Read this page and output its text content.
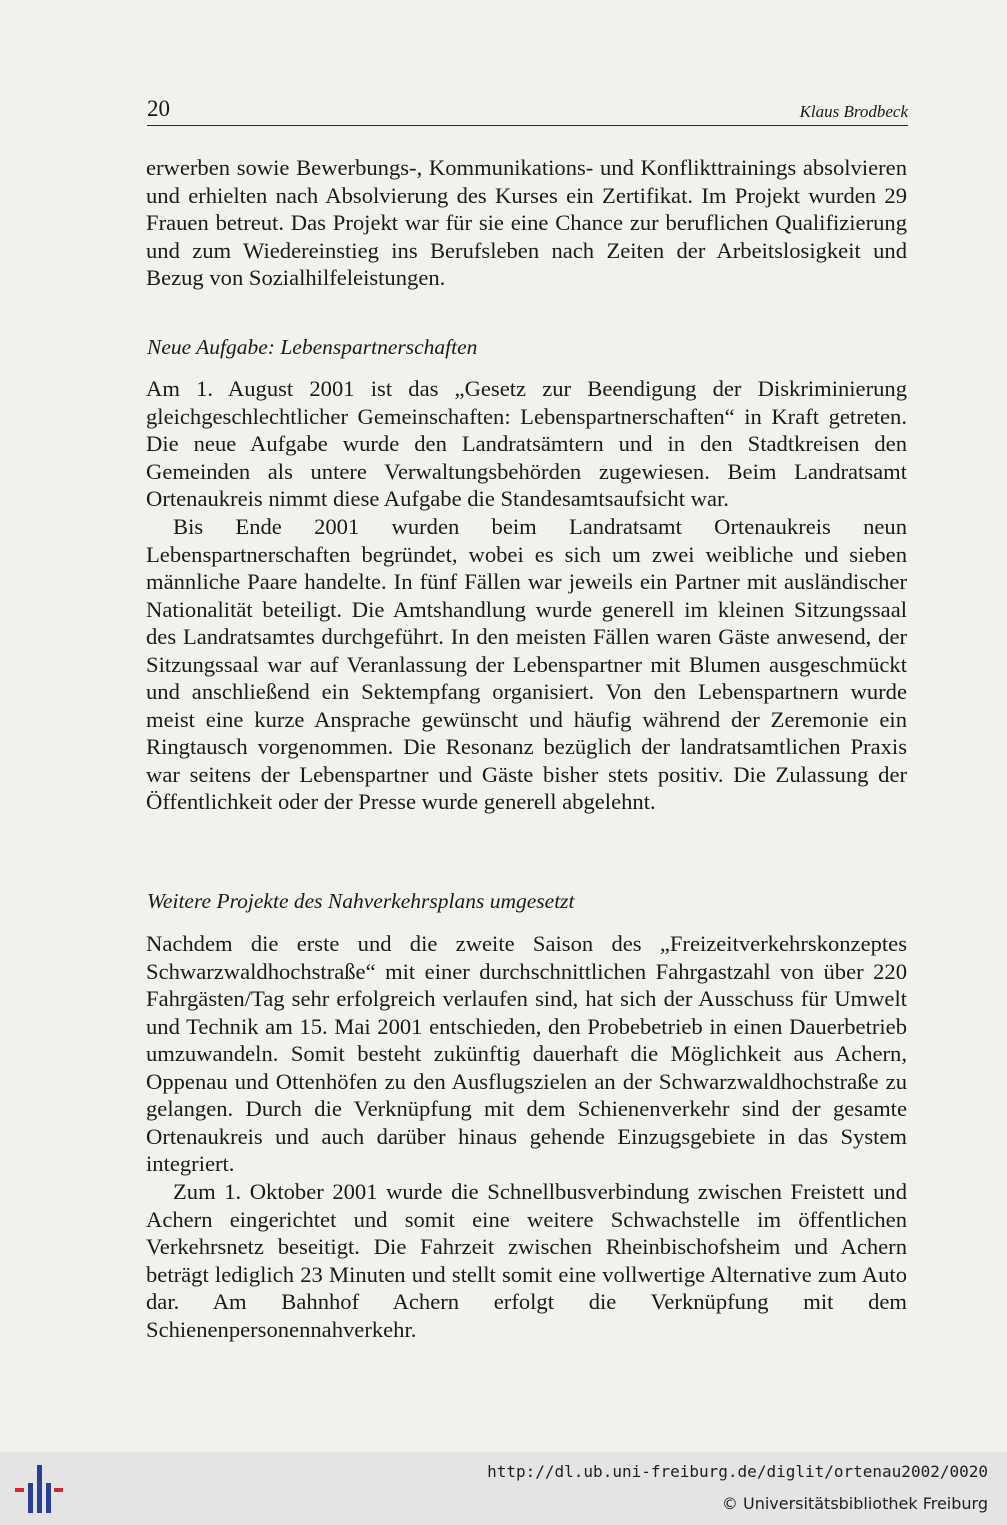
20	Klaus Brodbeck

erwerben sowie Bewerbungs-, Kommunikations- und Konflikttrainings absolvieren und erhielten nach Absolvierung des Kurses ein Zertifikat. Im Projekt wurden 29 Frauen betreut. Das Projekt war für sie eine Chance zur beruflichen Qualifizierung und zum Wiedereinstieg ins Berufsleben nach Zeiten der Arbeitslosigkeit und Bezug von Sozialhilfeleistungen.

Neue Aufgabe: Lebenspartnerschaften

Am 1. August 2001 ist das „Gesetz zur Beendigung der Diskriminierung gleichgeschlechtlicher Gemeinschaften: Lebenspartnerschaften“ in Kraft getreten. Die neue Aufgabe wurde den Landratsämtern und in den Stadtkreisen den Gemeinden als untere Verwaltungsbehörden zugewiesen. Beim Landratsamt Ortenaukreis nimmt diese Aufgabe die Standesamtsaufsicht war.

Bis Ende 2001 wurden beim Landratsamt Ortenaukreis neun Lebenspartnerschaften begründet, wobei es sich um zwei weibliche und sieben männliche Paare handelte. In fünf Fällen war jeweils ein Partner mit ausländischer Nationalität beteiligt. Die Amtshandlung wurde generell im kleinen Sitzungssaal des Landratsamtes durchgeführt. In den meisten Fällen waren Gäste anwesend, der Sitzungssaal war auf Veranlassung der Lebenspartner mit Blumen ausgeschmückt und anschließend ein Sektempfang organisiert. Von den Lebenspartnern wurde meist eine kurze Ansprache gewünscht und häufig während der Zeremonie ein Ringtausch vorgenommen. Die Resonanz bezüglich der landratsamtlichen Praxis war seitens der Lebenspartner und Gäste bisher stets positiv. Die Zulassung der Öffentlichkeit oder der Presse wurde generell abgelehnt.

Weitere Projekte des Nahverkehrsplans umgesetzt

Nachdem die erste und die zweite Saison des „Freizeitverkehrskonzeptes Schwarzwaldhochstraße“ mit einer durchschnittlichen Fahrgastzahl von über 220 Fahrgästen/Tag sehr erfolgreich verlaufen sind, hat sich der Ausschuss für Umwelt und Technik am 15. Mai 2001 entschieden, den Probebetrieb in einen Dauerbetrieb umzuwandeln. Somit besteht zukünftig dauerhaft die Möglichkeit aus Achern, Oppenau und Ottenhöfen zu den Ausflugszielen an der Schwarzwaldhochstraße zu gelangen. Durch die Verknüpfung mit dem Schienenverkehr sind der gesamte Ortenaukreis und auch darüber hinaus gehende Einzugsgebiete in das System integriert.

Zum 1. Oktober 2001 wurde die Schnellbusverbindung zwischen Freistett und Achern eingerichtet und somit eine weitere Schwachstelle im öffentlichen Verkehrsnetz beseitigt. Die Fahrzeit zwischen Rheinbischofsheim und Achern beträgt lediglich 23 Minuten und stellt somit eine vollwertige Alternative zum Auto dar. Am Bahnhof Achern erfolgt die Verknüpfung mit dem Schienenpersonennahverkehr.

http://dl.ub.uni-freiburg.de/diglit/ortenau2002/0020
© Universitätsbibliothek Freiburg
